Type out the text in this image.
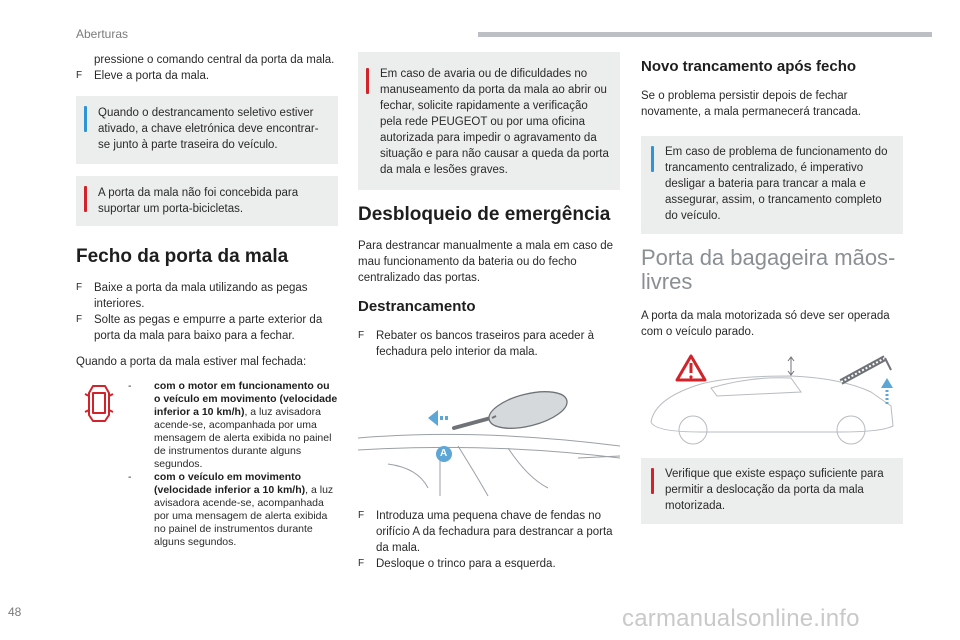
Aberturas

pressione o comando central da porta da mala.

F Eleve a porta da mala.
Quando o destrancamento seletivo estiver ativado, a chave eletrónica deve encontrar-se junto à parte traseira do veículo.
A porta da mala não foi concebida para suportar um porta-bicicletas.
Fecho da porta da mala
F Baixe a porta da mala utilizando as pegas interiores.
F Solte as pegas e empurre a parte exterior da porta da mala para baixo para a fechar.

Quando a porta da mala estiver mal fechada:

- com o motor em funcionamento ou o veículo em movimento (velocidade inferior a 10 km/h), a luz avisadora acende-se, acompanhada por uma mensagem de alerta exibida no painel de instrumentos durante alguns segundos.
- com o veículo em movimento (velocidade inferior a 10 km/h), a luz avisadora acende-se, acompanhada por uma mensagem de alerta exibida no painel de instrumentos durante alguns segundos.
Em caso de avaria ou de dificuldades no manuseamento da porta da mala ao abrir ou fechar, solicite rapidamente a verificação pela rede PEUGEOT ou por uma oficina autorizada para impedir o agravamento da situação e para não causar a queda da porta da mala e lesões graves.
Desbloqueio de emergência

Para destrancar manualmente a mala em caso de mau funcionamento da bateria ou do fecho centralizado das portas.

Destrancamento
F Rebater os bancos traseiros para aceder à fechadura pelo interior da mala.
A
F Introduza uma pequena chave de fendas no orifício A da fechadura para destrancar a porta da mala.
F Desloque o trinco para a esquerda.
Novo trancamento após fecho

Se o problema persistir depois de fechar novamente, a mala permanecerá trancada.

Em caso de problema de funcionamento do trancamento centralizado, é imperativo desligar a bateria para trancar a mala e assegurar, assim, o trancamento completo do veículo.
Porta da bagageira mãos-livres

A porta da mala motorizada só deve ser operada com o veículo parado.

Verifique que existe espaço suficiente para permitir a deslocação da porta da mala motorizada.
48	carmanualsonline.info
